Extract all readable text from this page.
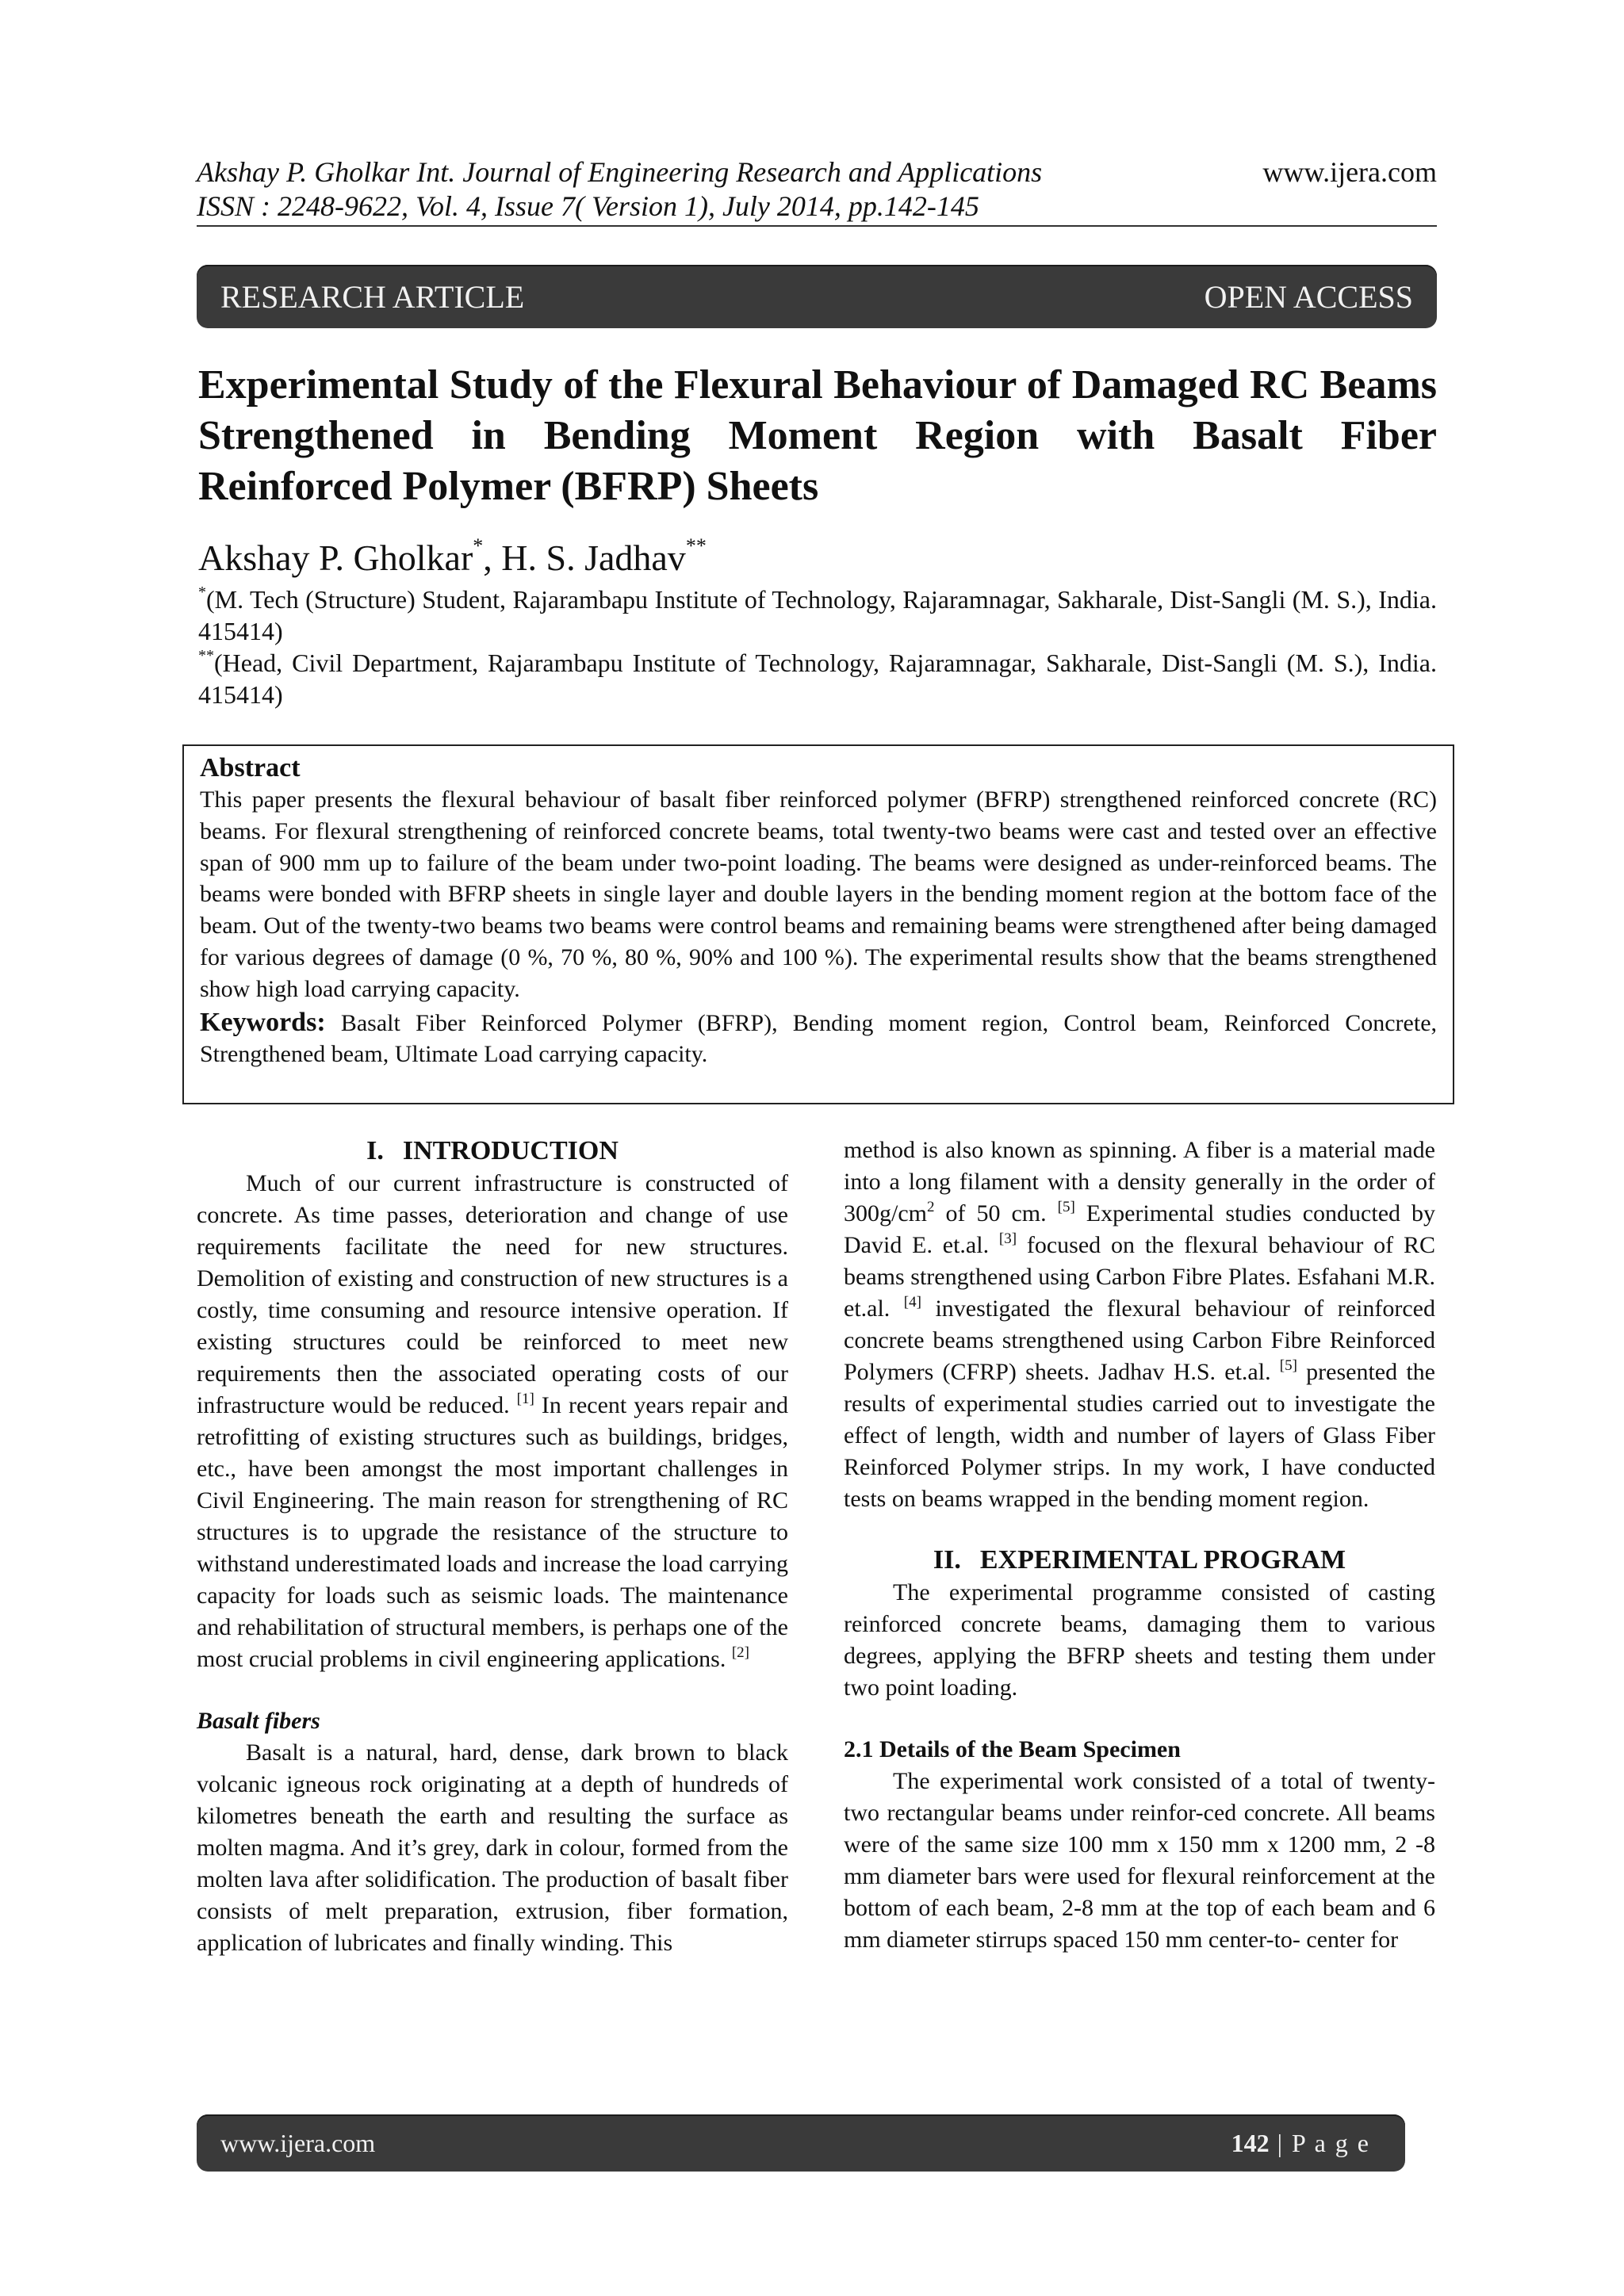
Akshay P. Gholkar Int. Journal of Engineering Research and Applications
ISSN : 2248-9622, Vol. 4, Issue 7( Version 1), July 2014, pp.142-145
www.ijera.com
RESEARCH ARTICLE	OPEN ACCESS
Experimental Study of the Flexural Behaviour of Damaged RC Beams Strengthened in Bending Moment Region with Basalt Fiber Reinforced Polymer (BFRP) Sheets
Akshay P. Gholkar*, H. S. Jadhav**

*(M. Tech (Structure) Student, Rajarambapu Institute of Technology, Rajaramnagar, Sakharale, Dist-Sangli (M. S.), India. 415414)

**(Head, Civil Department, Rajarambapu Institute of Technology, Rajaramnagar, Sakharale, Dist-Sangli (M. S.), India. 415414)

Abstract

This paper presents the flexural behaviour of basalt fiber reinforced polymer (BFRP) strengthened reinforced concrete (RC) beams. For flexural strengthening of reinforced concrete beams, total twenty-two beams were cast and tested over an effective span of 900 mm up to failure of the beam under two-point loading. The beams were designed as under-reinforced beams. The beams were bonded with BFRP sheets in single layer and double layers in the bending moment region at the bottom face of the beam. Out of the twenty-two beams two beams were control beams and remaining beams were strengthened after being damaged for various degrees of damage (0 %, 70 %, 80 %, 90% and 100 %). The experimental results show that the beams strengthened show high load carrying capacity.

Keywords: Basalt Fiber Reinforced Polymer (BFRP), Bending moment region, Control beam, Reinforced Concrete, Strengthened beam, Ultimate Load carrying capacity.

I. INTRODUCTION

Much of our current infrastructure is constructed of concrete. As time passes, deterioration and change of use requirements facilitate the need for new structures. Demolition of existing and construction of new structures is a costly, time consuming and resource intensive operation. If existing structures could be reinforced to meet new requirements then the associated operating costs of our infrastructure would be reduced. [1] In recent years repair and retrofitting of existing structures such as buildings, bridges, etc., have been amongst the most important challenges in Civil Engineering. The main reason for strengthening of RC structures is to upgrade the resistance of the structure to withstand underestimated loads and increase the load carrying capacity for loads such as seismic loads. The maintenance and rehabilitation of structural members, is perhaps one of the most crucial problems in civil engineering applications. [2]

Basalt fibers

Basalt is a natural, hard, dense, dark brown to black volcanic igneous rock originating at a depth of hundreds of kilometres beneath the earth and resulting the surface as molten magma. And it’s grey, dark in colour, formed from the molten lava after solidification. The production of basalt fiber consists of melt preparation, extrusion, fiber formation, application of lubricates and finally winding. This

method is also known as spinning. A fiber is a material made into a long filament with a density generally in the order of $300g/cm^2$ of 50 cm. [5] Experimental studies conducted by David E. et.al. [3] focused on the flexural behaviour of RC beams strengthened using Carbon Fibre Plates. Esfahani M.R. et.al. [4] investigated the flexural behaviour of reinforced concrete beams strengthened using Carbon Fibre Reinforced Polymers (CFRP) sheets. Jadhav H.S. et.al. [5] presented the results of experimental studies carried out to investigate the effect of length, width and number of layers of Glass Fiber Reinforced Polymer strips. In my work, I have conducted tests on beams wrapped in the bending moment region.

II. EXPERIMENTAL PROGRAM

The experimental programme consisted of casting reinforced concrete beams, damaging them to various degrees, applying the BFRP sheets and testing them under two point loading.

2.1 Details of the Beam Specimen

The experimental work consisted of a total of twenty-two rectangular beams under reinfor-ced concrete. All beams were of the same size 100 mm x 150 mm x 1200 mm, 2 -8 mm diameter bars were used for flexural reinforcement at the bottom of each beam, 2-8 mm at the top of each beam and 6 mm diameter stirrups spaced 150 mm center-to- center for

www.ijera.com	142 | P a g e
